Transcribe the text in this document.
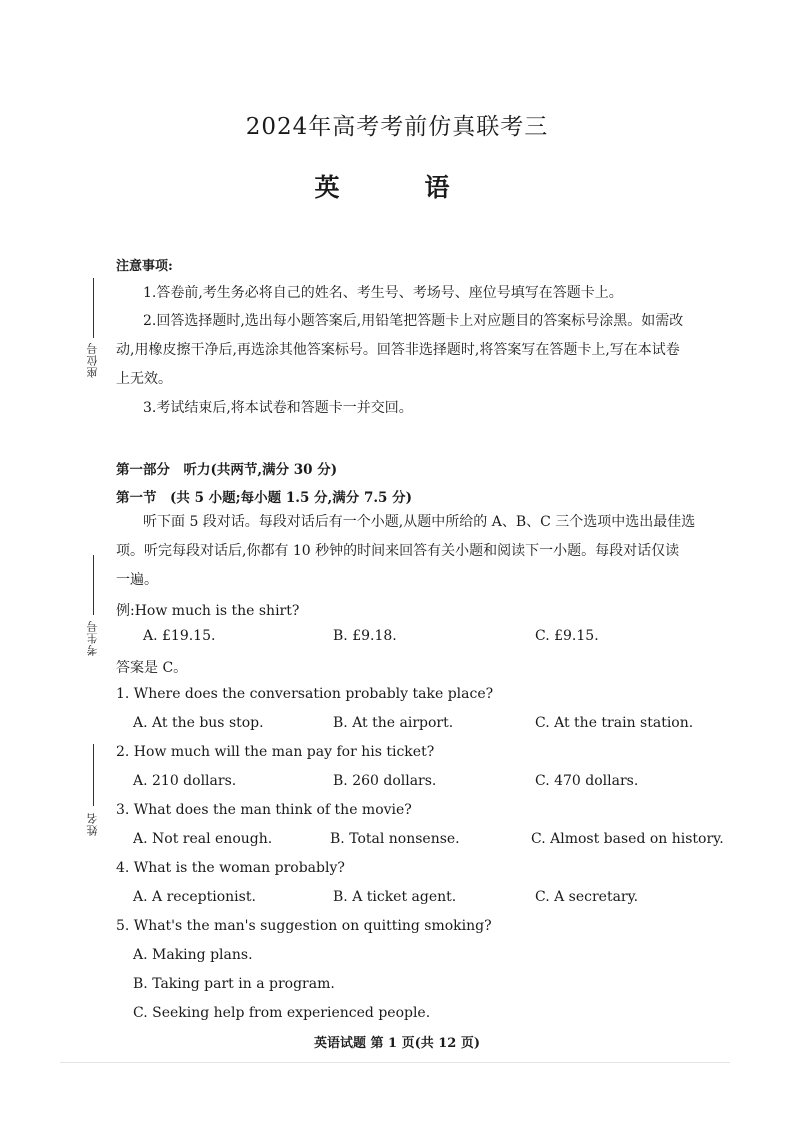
座位号
考生号
姓名
2024年高考考前仿真联考三
英　语
注意事项:
1.答卷前,考生务必将自己的姓名、考生号、考场号、座位号填写在答题卡上。
2.回答选择题时,选出每小题答案后,用铅笔把答题卡上对应题目的答案标号涂黑。如需改
动,用橡皮擦干净后,再选涂其他答案标号。回答非选择题时,将答案写在答题卡上,写在本试卷
上无效。
3.考试结束后,将本试卷和答题卡一并交回。
第一部分　听力(共两节,满分 30 分)
第一节　(共 5 小题;每小题 1.5 分,满分 7.5 分)
听下面 5 段对话。每段对话后有一个小题,从题中所给的 A、B、C 三个选项中选出最佳选
项。听完每段对话后,你都有 10 秒钟的时间来回答有关小题和阅读下一小题。每段对话仅读
一遍。
例:How much is the shirt?
A. £19.15.	B. £9.18.	C. £9.15.
答案是 C。
1. Where does the conversation probably take place?
A. At the bus stop.	B. At the airport.	C. At the train station.
2. How much will the man pay for his ticket?
A. 210 dollars.	B. 260 dollars.	C. 470 dollars.
3. What does the man think of the movie?
A. Not real enough.	B. Total nonsense.	C. Almost based on history.
4. What is the woman probably?
A. A receptionist.	B. A ticket agent.	C. A secretary.
5. What's the man's suggestion on quitting smoking?
A. Making plans.
B. Taking part in a program.
C. Seeking help from experienced people.
英语试题 第 1 页(共 12 页)
